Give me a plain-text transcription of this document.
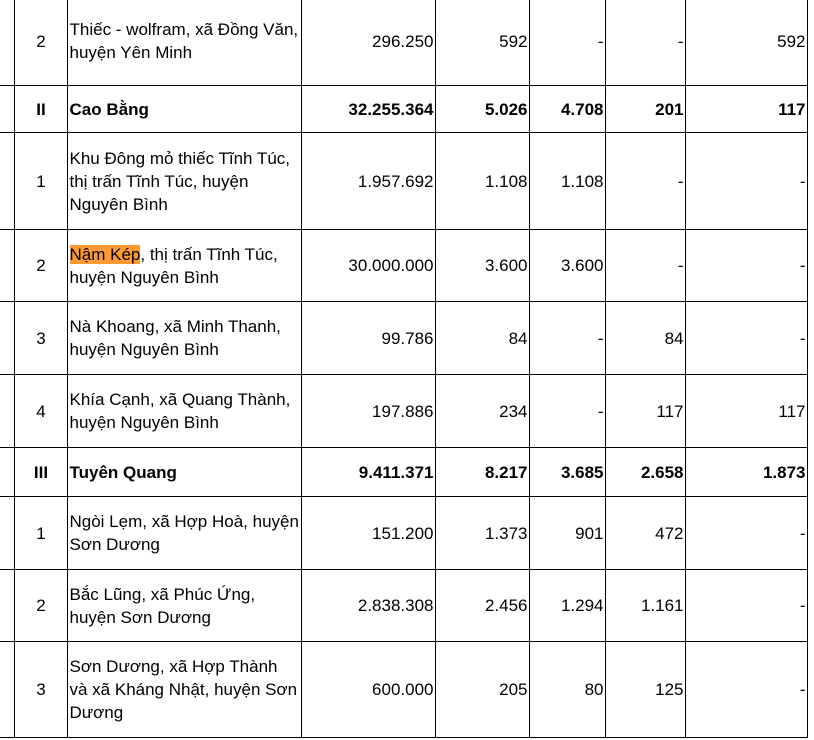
	2	Thiếc - wolfram, xã Đồng Văn, huyện Yên Minh	296.250	592	-	-	592
	II	Cao Bằng	32.255.364	5.026	4.708	201	117
	1	Khu Đông mỏ thiếc Tĩnh Túc, thị trấn Tĩnh Túc, huyện Nguyên Bình	1.957.692	1.108	1.108	-	-
	2	Nậm Kép, thị trấn Tĩnh Túc, huyện Nguyên Bình	30.000.000	3.600	3.600	-	-
	3	Nà Khoang, xã Minh Thanh, huyện Nguyên Bình	99.786	84	-	84	-
	4	Khía Cạnh, xã Quang Thành, huyện Nguyên Bình	197.886	234	-	117	117
	III	Tuyên Quang	9.411.371	8.217	3.685	2.658	1.873
	1	Ngòi Lẹm, xã Hợp Hoà, huyện Sơn Dương	151.200	1.373	901	472	-
	2	Bắc Lũng, xã Phúc Ứng, huyện Sơn Dương	2.838.308	2.456	1.294	1.161	-
	3	Sơn Dương, xã Hợp Thành và xã Kháng Nhật, huyện Sơn Dương	600.000	205	80	125	-
